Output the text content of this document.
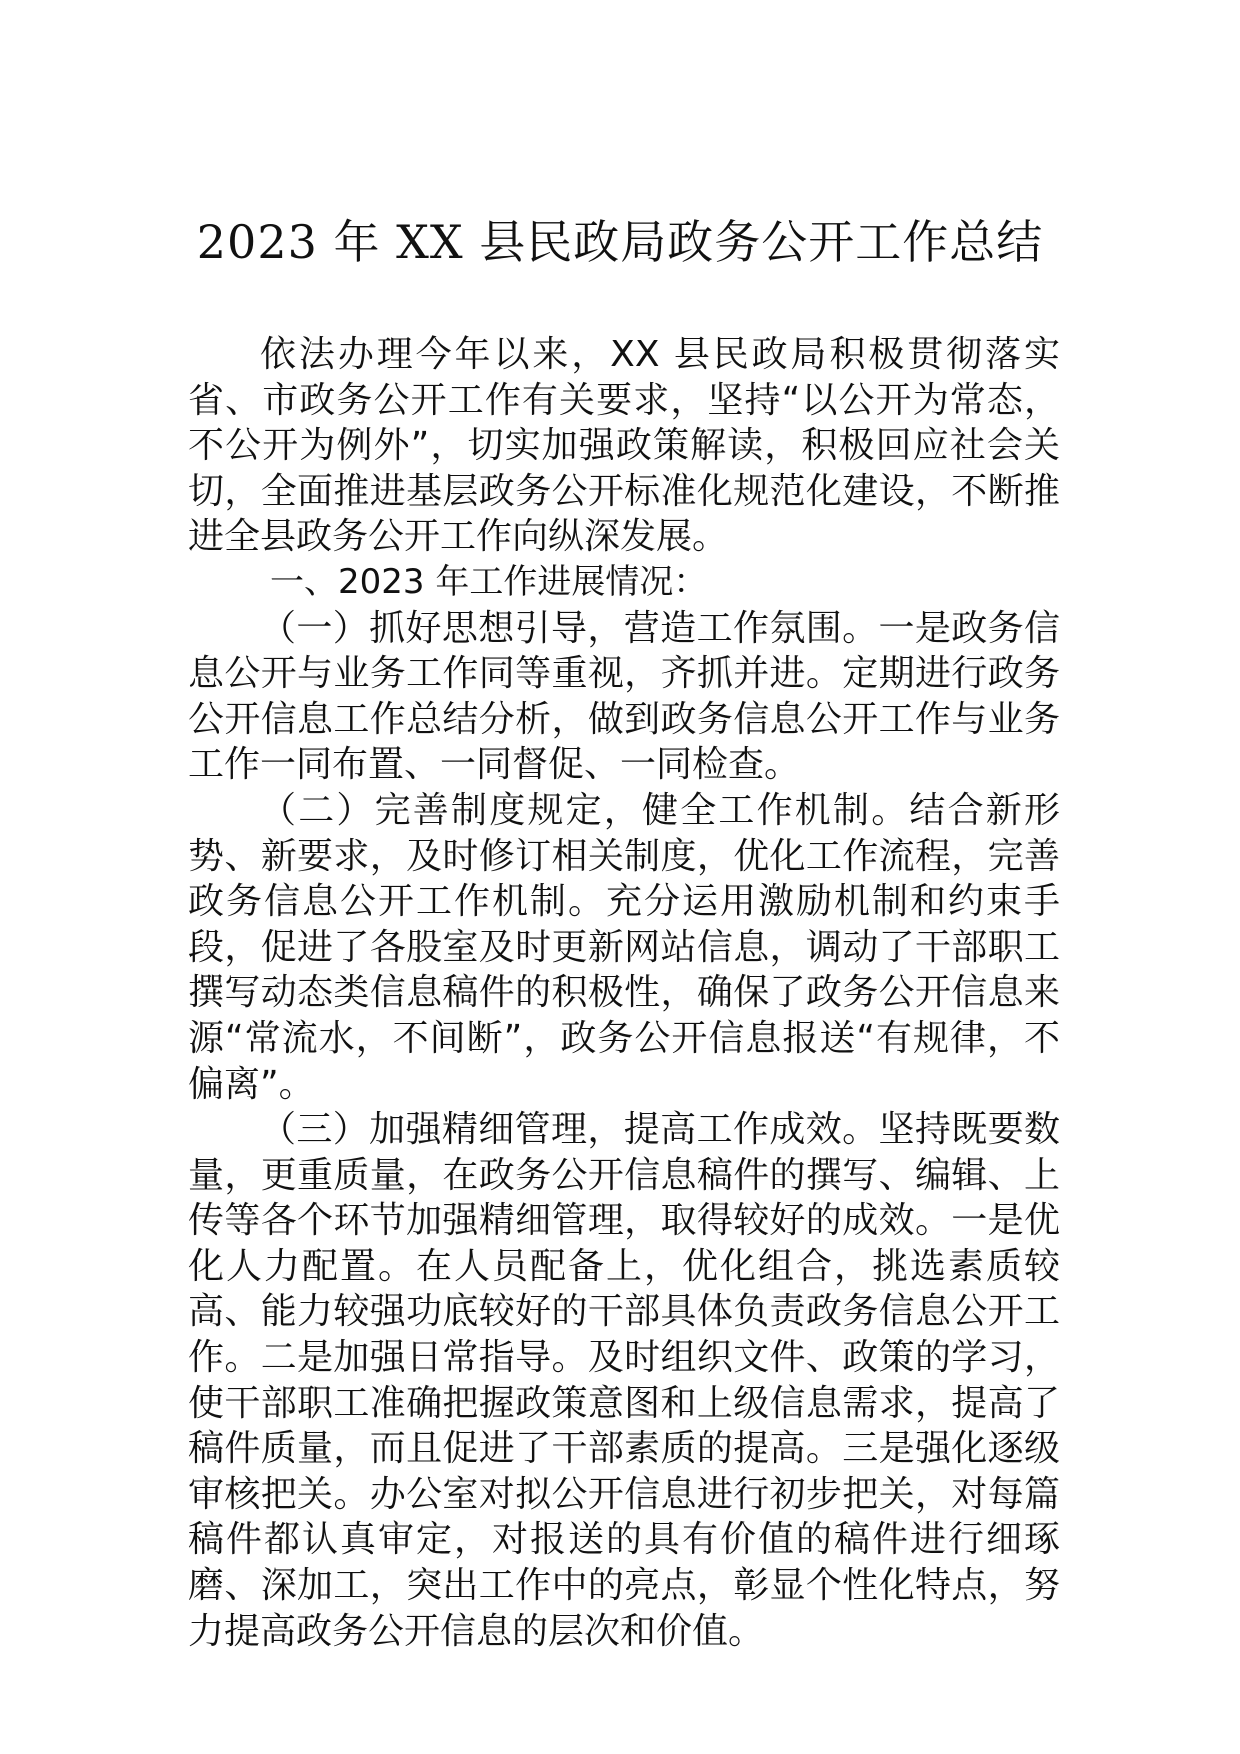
2023 年 XX 县民政局政务公开工作总结

依法办理今年以来，XX 县民政局积极贯彻落实省、市政务公开工作有关要求，坚持“以公开为常态，不公开为例外”，切实加强政策解读，积极回应社会关切，全面推进基层政务公开标准化规范化建设，不断推进全县政务公开工作向纵深发展。

一、2023 年工作进展情况：

（一）抓好思想引导，营造工作氛围。一是政务信息公开与业务工作同等重视，齐抓并进。定期进行政务公开信息工作总结分析，做到政务信息公开工作与业务工作一同布置、一同督促、一同检查。

（二）完善制度规定，健全工作机制。结合新形势、新要求，及时修订相关制度，优化工作流程，完善政务信息公开工作机制。充分运用激励机制和约束手段，促进了各股室及时更新网站信息，调动了干部职工撰写动态类信息稿件的积极性，确保了政务公开信息来源“常流水，不间断”，政务公开信息报送“有规律，不偏离”。

（三）加强精细管理，提高工作成效。坚持既要数量，更重质量，在政务公开信息稿件的撰写、编辑、上传等各个环节加强精细管理，取得较好的成效。一是优化人力配置。在人员配备上，优化组合，挑选素质较高、能力较强功底较好的干部具体负责政务信息公开工作。二是加强日常指导。及时组织文件、政策的学习，使干部职工准确把握政策意图和上级信息需求，提高了稿件质量，而且促进了干部素质的提高。三是强化逐级审核把关。办公室对拟公开信息进行初步把关，对每篇稿件都认真审定，对报送的具有价值的稿件进行细琢磨、深加工，突出工作中的亮点，彰显个性化特点，努力提高政务公开信息的层次和价值。
